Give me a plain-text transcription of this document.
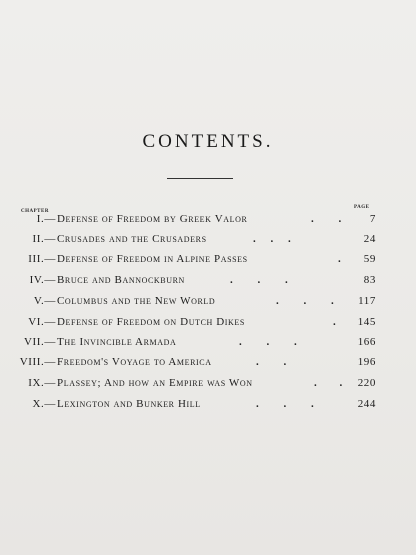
CONTENTS.
chapter	page
I.— Defense of Freedom by Greek Valor	. .	7
II.— Crusades and the Crusaders	. . .	24
III.— Defense of Freedom in Alpine Passes	. 59
IV.— Bruce and Bannockburn	. . .	83
V.— Columbus and the New World	. . . 117
VI.— Defense of Freedom on Dutch Dikes	. 145
VII.— The Invincible Armada	. . .	166
VIII.— Freedom's Voyage to America	. .	196
IX.— Plassey; And how an Empire was Won	. . 220
X.— Lexington and Bunker Hill	. . .	244
